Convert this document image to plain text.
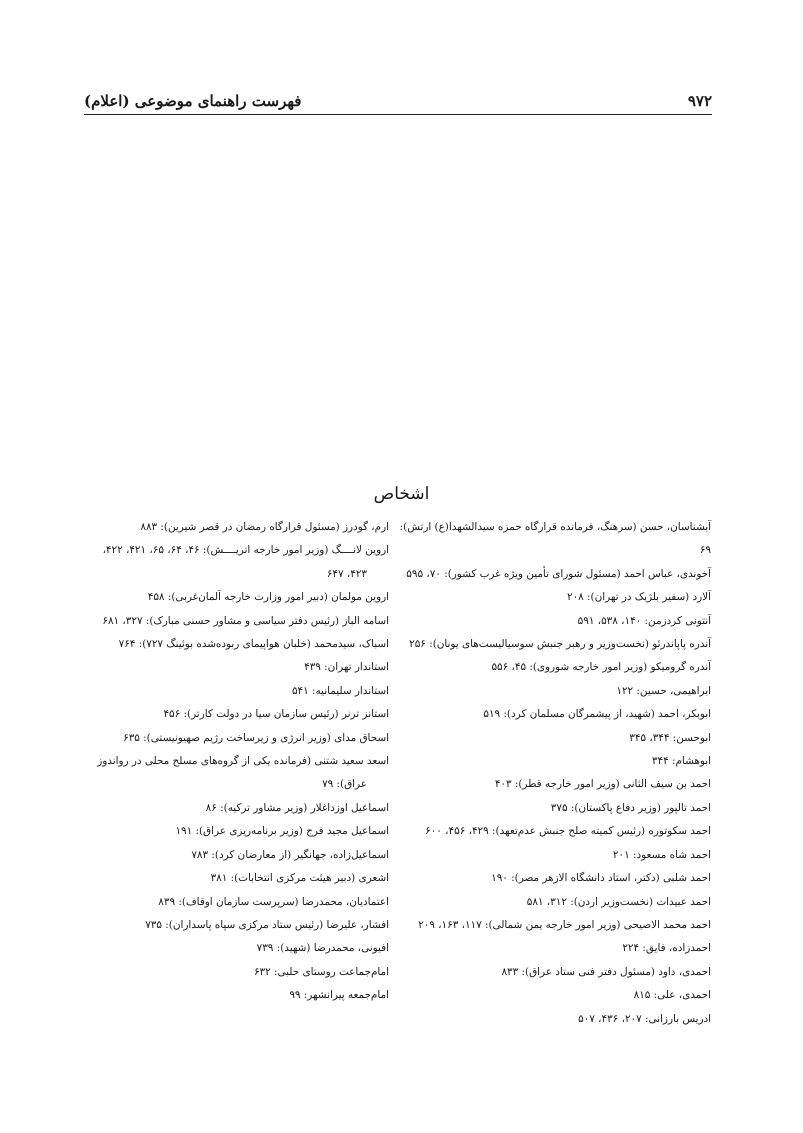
۹۷۲
فهرست راهنمای موضوعی (اعلام)
اشخاص

آبشناسان، حسن (سرهنگ، فرمانده قرارگاه حمزه سیدالشهدا(ع) ارتش): ۶۹

آخوندی، عباس احمد (مسئول شورای تأمین ویژه غرب کشور): ۷۰، ۵۹۵

آلارد (سفیر بلژیک در تهران): ۲۰۸

آنتونی کردزمن: ۱۴۰، ۵۳۸، ۵۹۱

آندره پاپاندرئو (نخست‌وزیر و رهبر جنبش سوسیالیست‌های یونان): ۲۵۶

آندره گرومیکو (وزیر امور خارجه شوروی): ۴۵، ۵۵۶

ابراهیمی، حسین: ۱۲۲

ابوبکر، احمد (شهید، از پیشمرگان مسلمان کرد): ۵۱۹

ابوحسن: ۳۴۴، ۳۴۵

ابوهشام: ۳۴۴

احمد بن سیف الثانی (وزیر امور خارجه قطر): ۴۰۳

احمد تالپور (وزیر دفاع پاکستان): ۳۷۵

احمد سکوتوره (رئیس کمیته صلح جنبش عدم‌تعهد): ۴۲۹، ۴۵۶، ۶۰۰

احمد شاه مسعود: ۲۰۱

احمد شلبی (دکتر، استاد دانشگاه الازهر مصر): ۱۹۰

احمد عبیدات (نخست‌وزیر اردن): ۳۱۲، ۵۸۱

احمد محمد الاصیحی (وزیر امور خارجه یمن شمالی): ۱۱۷، ۱۶۳، ۲۰۹

احمدزاده، فایق: ۲۲۴

احمدی، داود (مسئول دفتر فنی ستاد عراق): ۸۳۳

احمدی، علی: ۸۱۵

ادریس بارزانی: ۲۰۷، ۴۳۶، ۵۰۷

ارم، گودرز (مسئول قرارگاه رمضان در قصر شیرین): ۸۸۳

اروین لانــــگ (وزیر امور خارجه اتریــــش): ۴۶، ۶۴، ۶۵، ۴۲۱، ۴۲۲،
۴۲۳، ۶۴۷

اروین مولمان (دبیر امور وزارت خارجه آلمان‌غربی): ۴۵۸

اسامه الباز (رئیس دفتر سیاسی و مشاور حسنی مبارک): ۳۲۷، ۶۸۱

اسباک، سیدمحمد (خلبان هواپیمای ربوده‌شده بوئینگ ۷۲۷): ۷۶۴

استاندار تهران: ۴۳۹

استاندار سلیمانیه: ۵۴۱

استانز ترنر (رئیس سازمان سیا در دولت کارتر): ۴۵۶

اسحاق مدای (وزیر انرژی و زیرساخت رژیم صهیونیستی): ۶۳۵

اسعد سعید شتنی (فرمانده یکی از گروه‌های مسلح محلی در رواندوز
عراق): ۷۹

اسماعیل اوزداغلار (وزیر مشاور ترکیه): ۸۶

اسماعیل مجید فرج (وزیر برنامه‌ریزی عراق): ۱۹۱

اسماعیل‌زاده، جهانگیر (از معارضان کرد): ۷۸۳

اشعری (دبیر هیئت مرکزی انتخابات): ۳۸۱

اعتمادیان، محمدرضا (سرپرست سازمان اوقاف): ۸۳۹

افشار، علیرضا (رئیس ستاد مرکزی سپاه پاسداران): ۷۳۵

افیونی، محمدرضا (شهید): ۷۳۹

امام‌جماعت روستای حلبی: ۶۳۲

امام‌جمعه پیرانشهر: ۹۹
